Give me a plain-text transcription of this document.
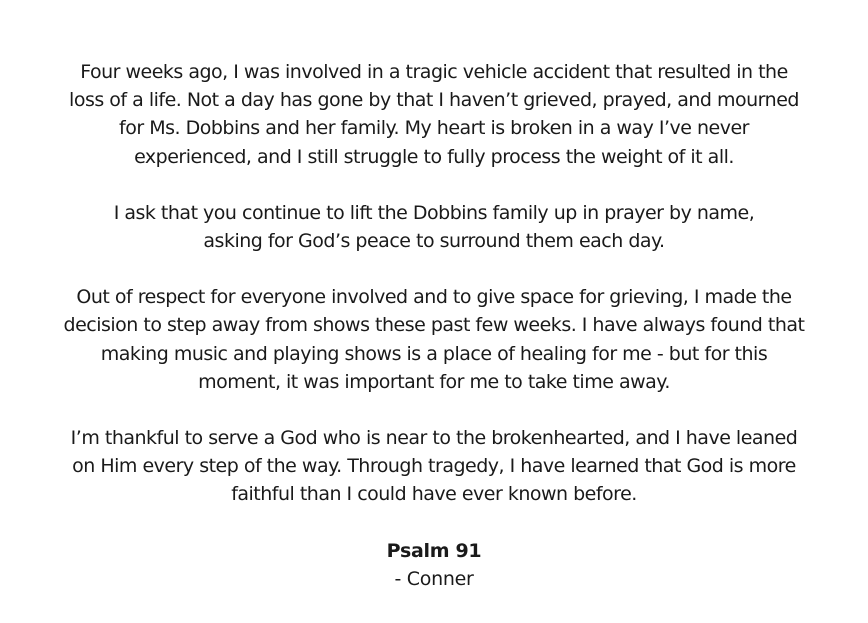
Four weeks ago, I was involved in a tragic vehicle accident that resulted in the
loss of a life. Not a day has gone by that I haven’t grieved, prayed, and mourned
for Ms. Dobbins and her family. My heart is broken in a way I’ve never
experienced, and I still struggle to fully process the weight of it all.

I ask that you continue to lift the Dobbins family up in prayer by name,
asking for God’s peace to surround them each day.

Out of respect for everyone involved and to give space for grieving, I made the
decision to step away from shows these past few weeks. I have always found that
making music and playing shows is a place of healing for me - but for this
moment, it was important for me to take time away.

I’m thankful to serve a God who is near to the brokenhearted, and I have leaned
on Him every step of the way. Through tragedy, I have learned that God is more
faithful than I could have ever known before.

Psalm 91

- Conner
